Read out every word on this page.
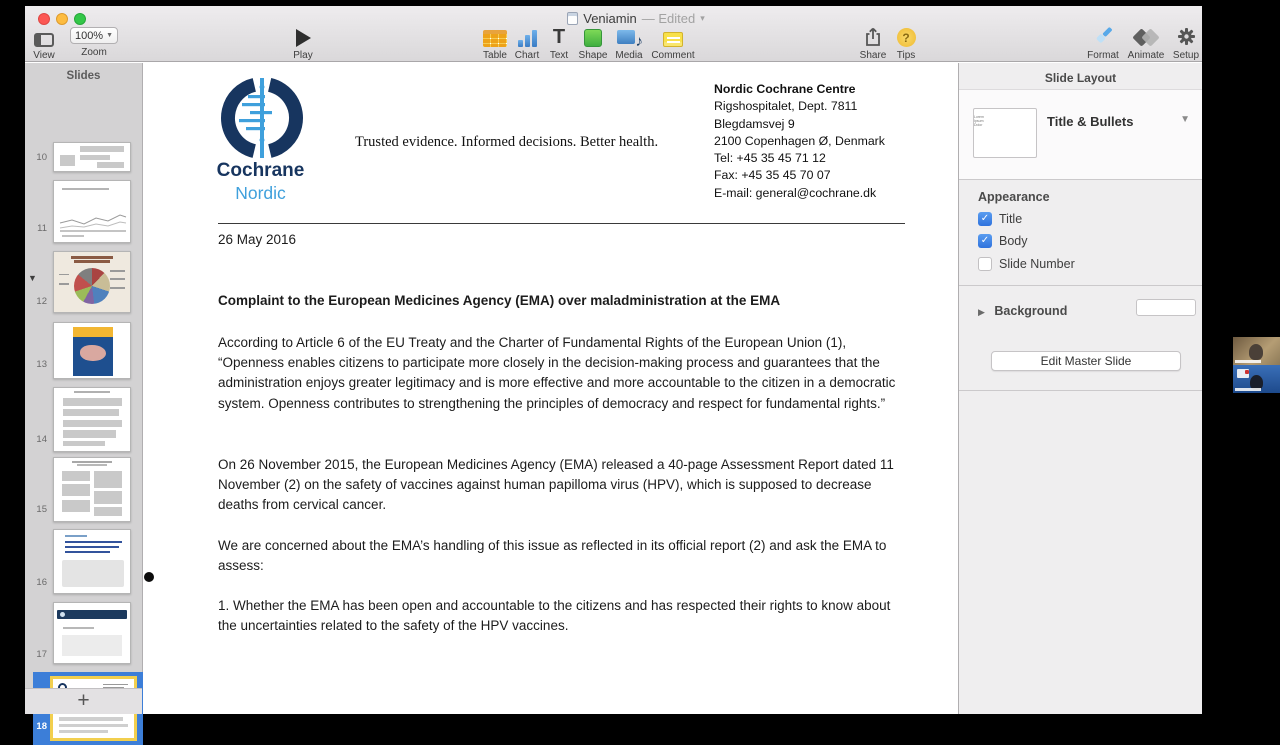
Veniamin — Edited ▾
View
100% ▼
Zoom	Play	Table Chart
T
Text	Shape
♪
Media Comment	Share
?
Tips	Format Animate Setup
Slides
10
11
▼
12
13
14
15
16
17
18
+
Cochrane
Nordic
Trusted evidence. Informed decisions. Better health.
Nordic Cochrane Centre
Rigshospitalet, Dept. 7811
Blegdamsvej 9
2100 Copenhagen Ø, Denmark
Tel: +45 35 45 71 12
Fax: +45 35 45 70 07
E-mail: general@cochrane.dk
26 May 2016
Complaint to the European Medicines Agency (EMA) over maladministration at the EMA
According to Article 6 of the EU Treaty and the Charter of Fundamental Rights of the European Union (1), “Openness enables citizens to participate more closely in the decision-making process and guarantees that the administration enjoys greater legitimacy and is more effective and more accountable to the citizen in a democratic system. Openness contributes to strengthening the principles of democracy and respect for fundamental rights.”
On 26 November 2015, the European Medicines Agency (EMA) released a 40-page Assessment Report dated 11 November (2) on the safety of vaccines against human papilloma virus (HPV), which is supposed to decrease deaths from cervical cancer.
We are concerned about the EMA’s handling of this issue as reflected in its official report (2) and ask the EMA to assess:
1. Whether the EMA has been open and accountable to the citizens and has respected their rights to know about the uncertainties related to the safety of the HPV vaccines.
Slide Layout
Lorem Ipsum Dolor	Title & Bullets	▼
Appearance
✓ Title
✓ Body
Slide Number
▶ Background
Edit Master Slide
